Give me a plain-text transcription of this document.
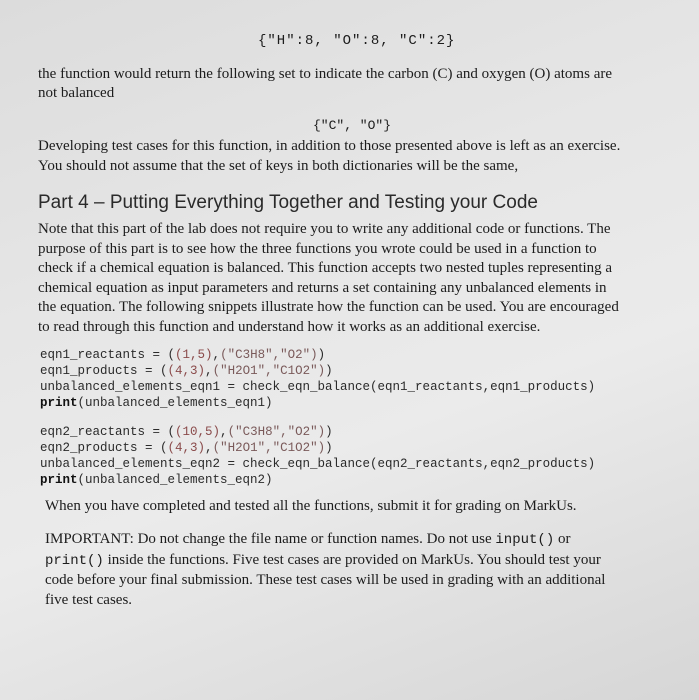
{"H":8, "O":8, "C":2}
the function would return the following set to indicate the carbon (C) and oxygen (O) atoms are
not balanced
{"C", "O"}
Developing test cases for this function, in addition to those presented above is left as an exercise.
You should not assume that the set of keys in both dictionaries will be the same,
Part 4 – Putting Everything Together and Testing your Code
Note that this part of the lab does not require you to write any additional code or functions. The
purpose of this part is to see how the three functions you wrote could be used in a function to
check if a chemical equation is balanced. This function accepts two nested tuples representing a
chemical equation as input parameters and returns a set containing any unbalanced elements in
the equation. The following snippets illustrate how the function can be used. You are encouraged
to read through this function and understand how it works as an additional exercise.
eqn1_reactants = ((1,5),("C3H8","O2"))
eqn1_products = ((4,3),("H2O1","C1O2"))
unbalanced_elements_eqn1 = check_eqn_balance(eqn1_reactants,eqn1_products)
print(unbalanced_elements_eqn1)
eqn2_reactants = ((10,5),("C3H8","O2"))
eqn2_products = ((4,3),("H2O1","C1O2"))
unbalanced_elements_eqn2 = check_eqn_balance(eqn2_reactants,eqn2_products)
print(unbalanced_elements_eqn2)
When you have completed and tested all the functions, submit it for grading on MarkUs.
IMPORTANT: Do not change the file name or function names. Do not use input() or
print() inside the functions. Five test cases are provided on MarkUs. You should test your
code before your final submission. These test cases will be used in grading with an additional
five test cases.
